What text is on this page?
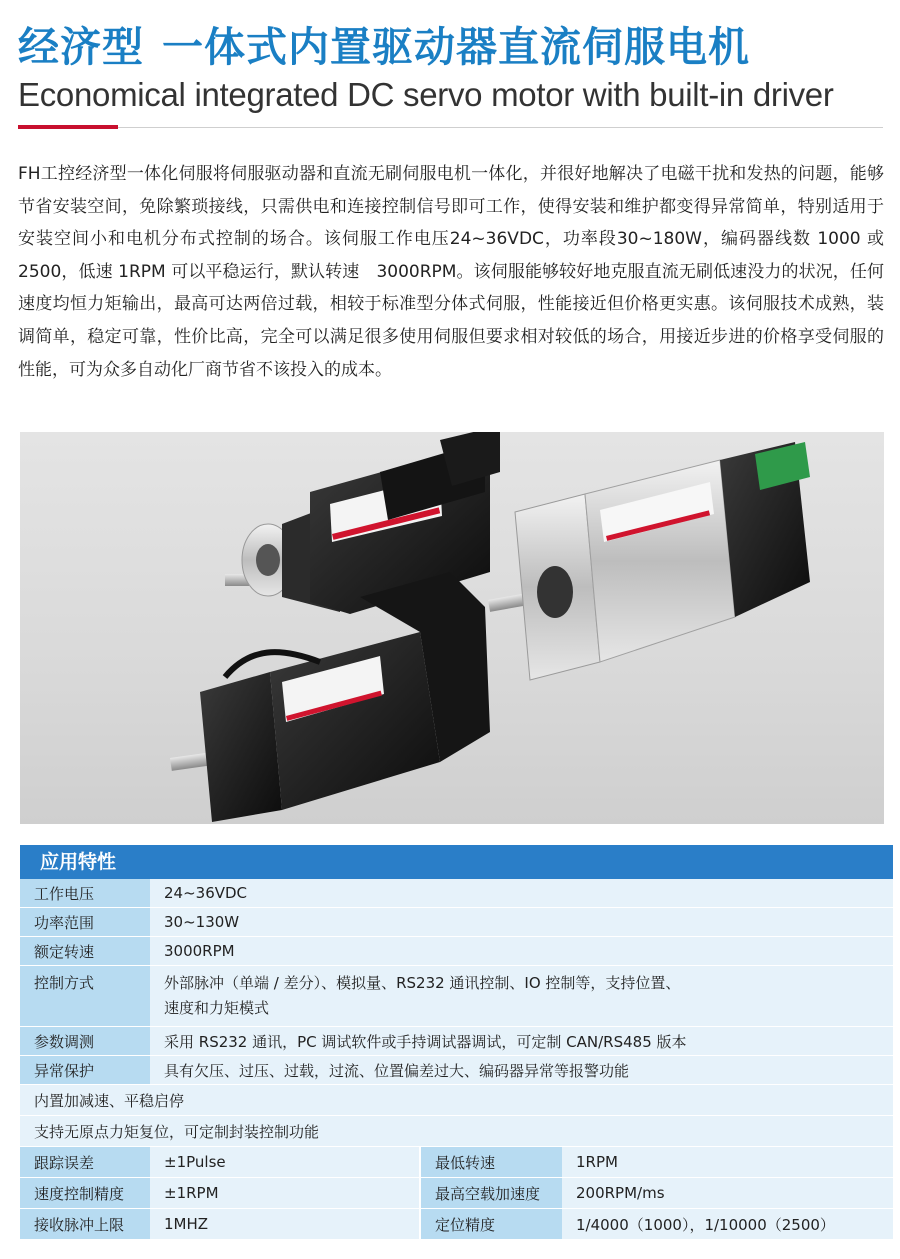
经济型 一体式内置驱动器直流伺服电机
Economical integrated DC servo motor with built-in driver
FH工控经济型一体化伺服将伺服驱动器和直流无刷伺服电机一体化，并很好地解决了电磁干扰和发热的问题，能够节省安装空间，免除繁琐接线，只需供电和连接控制信号即可工作，使得安装和维护都变得异常简单，特别适用于安装空间小和电机分布式控制的场合。该伺服工作电压24~36VDC，功率段30~180W，编码器线数 1000 或 2500，低速 1RPM 可以平稳运行，默认转速　3000RPM。该伺服能够较好地克服直流无刷低速没力的状况，任何速度均恒力矩输出，最高可达两倍过载，相较于标准型分体式伺服，性能接近但价格更实惠。该伺服技术成熟，装调简单，稳定可靠，性价比高，完全可以满足很多使用伺服但要求相对较低的场合，用接近步进的价格享受伺服的性能，可为众多自动化厂商节省不该投入的成本。
应用特性
工作电压	24~36VDC		
功率范围	30~130W		
额定转速	3000RPM		
控制方式	外部脉冲（单端 / 差分）、模拟量、RS232 通讯控制、IO 控制等，支持位置、
速度和力矩模式		

参数调测	采用 RS232 通讯，PC 调试软件或手持调试器调试，可定制 CAN/RS485 版本		
异常保护	具有欠压、过压、过载，过流、位置偏差过大、编码器异常等报警功能		
内置加减速、平稳启停			
支持无原点力矩复位，可定制封装控制功能			
跟踪误差	±1Pulse	最低转速	1RPM
速度控制精度	±1RPM	最高空载加速度	200RPM/ms
接收脉冲上限	1MHZ	定位精度	1/4000（1000），1/10000（2500）
